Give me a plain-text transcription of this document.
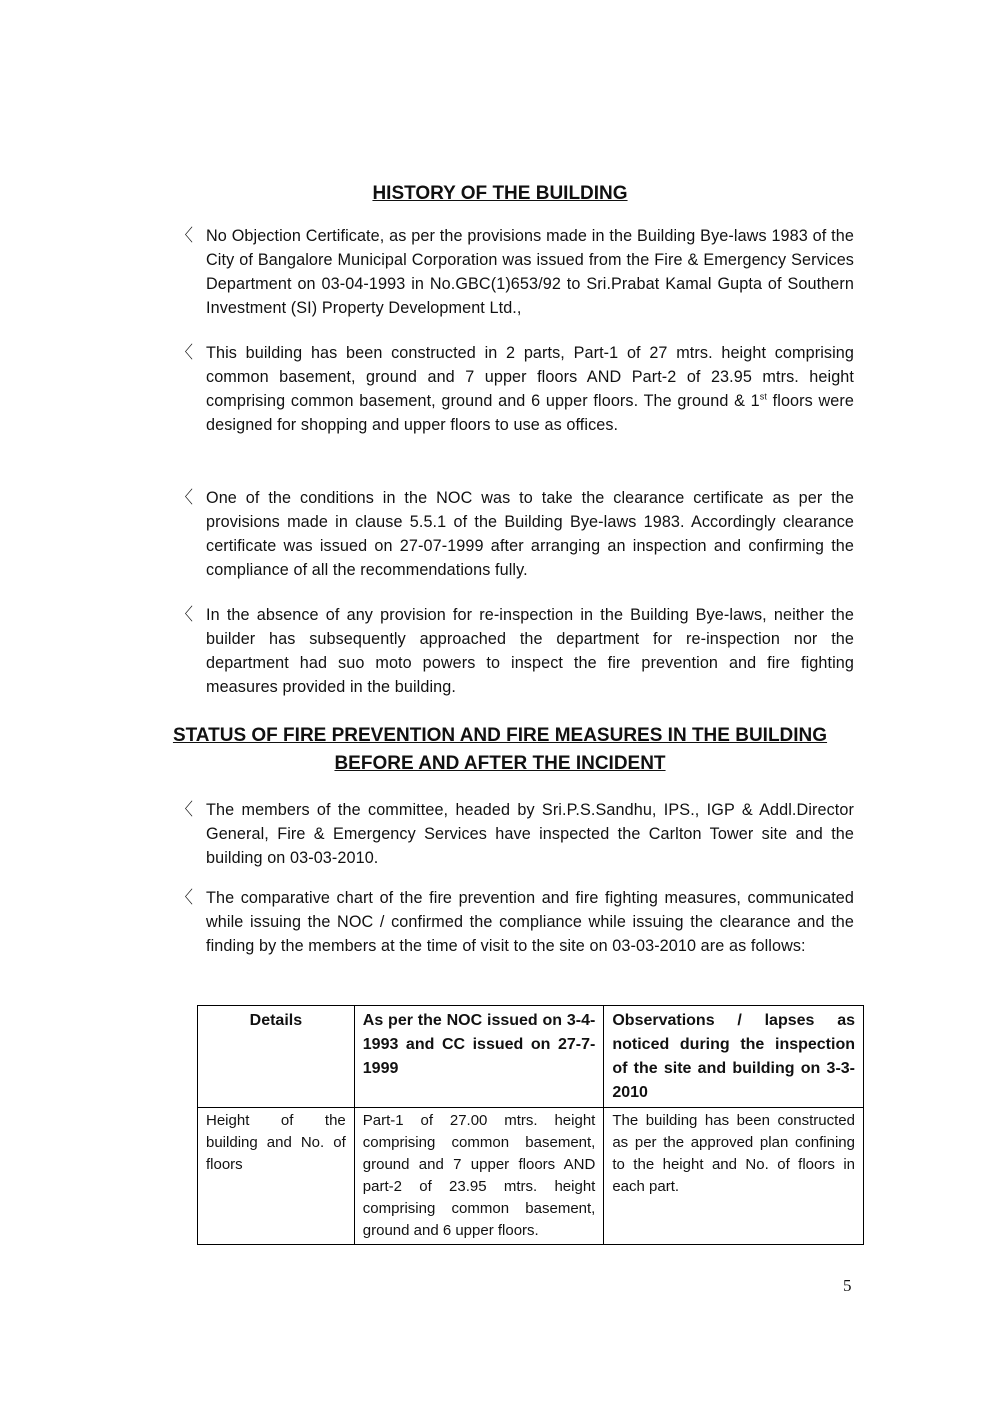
HISTORY OF THE BUILDING
〈 No Objection Certificate, as per the provisions made in the Building Bye-laws 1983 of the City of Bangalore Municipal Corporation was issued from the Fire & Emergency Services Department on 03-04-1993 in No.GBC(1)653/92 to Sri.Prabat Kamal Gupta of Southern Investment (SI) Property Development Ltd.,
〈 This building has been constructed in 2 parts, Part-1 of 27 mtrs. height comprising common basement, ground and 7 upper floors AND Part-2 of 23.95 mtrs. height comprising common basement, ground and 6 upper floors. The ground & 1st floors were designed for shopping and upper floors to use as offices.
〈 One of the conditions in the NOC was to take the clearance certificate as per the provisions made in clause 5.5.1 of the Building Bye-laws 1983. Accordingly clearance certificate was issued on 27-07-1999 after arranging an inspection and confirming the compliance of all the recommendations fully.
〈 In the absence of any provision for re-inspection in the Building Bye-laws, neither the builder has subsequently approached the department for re-inspection nor the department had suo moto powers to inspect the fire prevention and fire fighting measures provided in the building.
STATUS OF FIRE PREVENTION AND FIRE MEASURES IN THE BUILDING
BEFORE AND AFTER THE INCIDENT
〈 The members of the committee, headed by Sri.P.S.Sandhu, IPS., IGP & Addl.Director General, Fire & Emergency Services have inspected the Carlton Tower site and the building on 03-03-2010.
〈 The comparative chart of the fire prevention and fire fighting measures, communicated while issuing the NOC / confirmed the compliance while issuing the clearance and the finding by the members at the time of visit to the site on 03-03-2010 are as follows:
Details	As per the NOC issued on 3-4-1993 and CC issued on 27-7-1999	Observations / lapses as noticed during the inspection of the site and building on 3-3-2010
Height of the building and No. of floors	Part-1 of 27.00 mtrs. height comprising common basement, ground and 7 upper floors AND part-2 of 23.95 mtrs. height comprising common basement, ground and 6 upper floors.	The building has been constructed as per the approved plan confining to the height and No. of floors in each part.
5
